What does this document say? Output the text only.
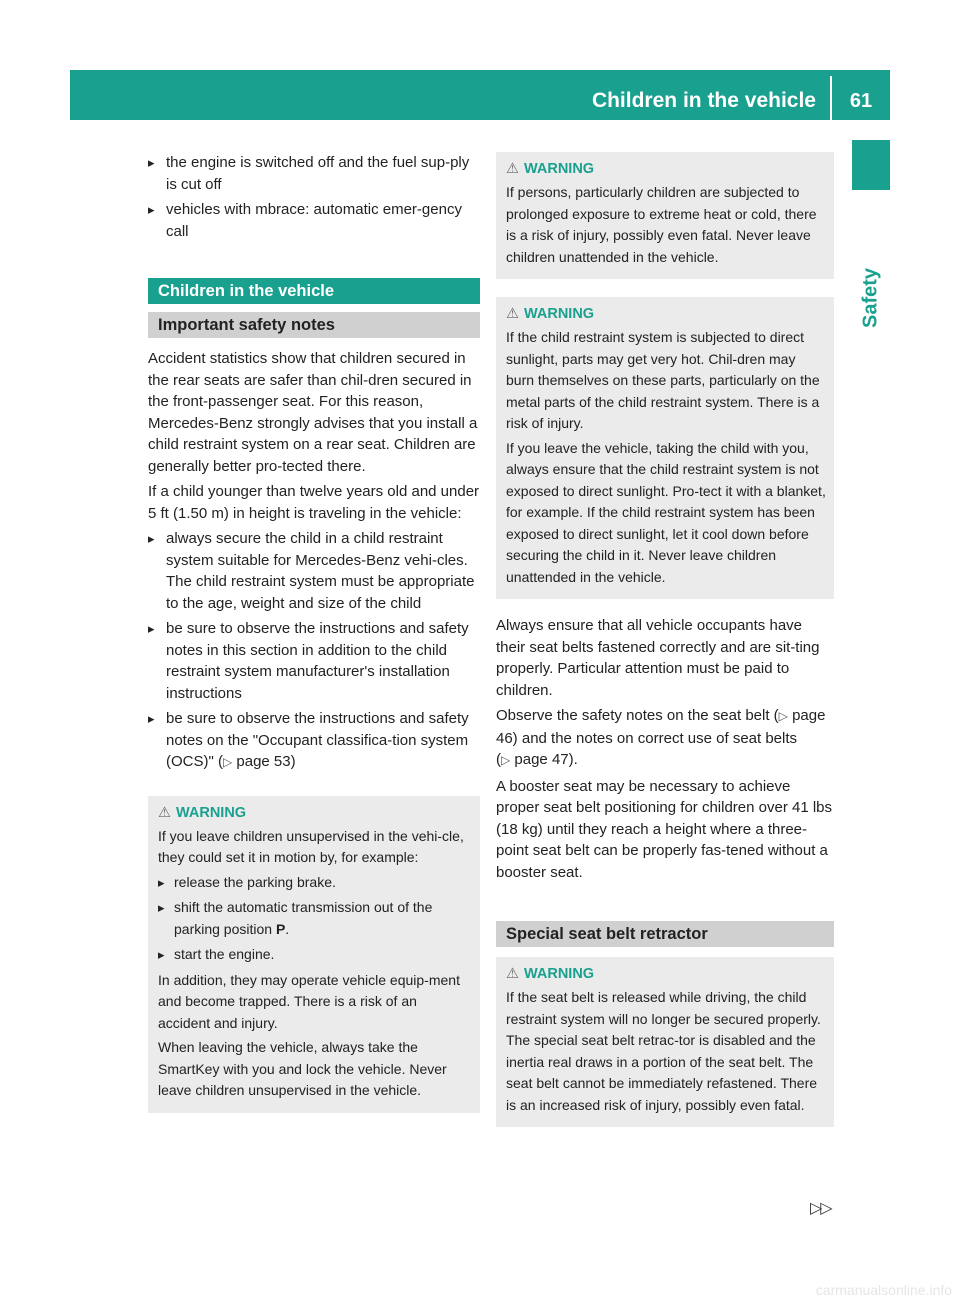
Children in the vehicle	61
Safety
▸ the engine is switched off and the fuel sup-ply is cut off
▸ vehicles with mbrace: automatic emer-gency call
Children in the vehicle
Important safety notes

Accident statistics show that children secured in the rear seats are safer than chil-dren secured in the front-passenger seat. For this reason, Mercedes-Benz strongly advises that you install a child restraint system on a rear seat. Children are generally better pro-tected there.

If a child younger than twelve years old and under 5 ft (1.50 m) in height is traveling in the vehicle:

▸ always secure the child in a child restraint system suitable for Mercedes-Benz vehi-cles. The child restraint system must be appropriate to the age, weight and size of the child
▸ be sure to observe the instructions and safety notes in this section in addition to the child restraint system manufacturer's installation instructions
▸ be sure to observe the instructions and safety notes on the "Occupant classifica-tion system (OCS)" (▷ page 53)
⚠ WARNING

If you leave children unsupervised in the vehi-cle, they could set it in motion by, for example:

▸ release the parking brake.
▸ shift the automatic transmission out of the parking position P.
▸ start the engine.

In addition, they may operate vehicle equip-ment and become trapped. There is a risk of an accident and injury.

When leaving the vehicle, always take the SmartKey with you and lock the vehicle. Never leave children unsupervised in the vehicle.

⚠ WARNING

If persons, particularly children are subjected to prolonged exposure to extreme heat or cold, there is a risk of injury, possibly even fatal. Never leave children unattended in the vehicle.

⚠ WARNING

If the child restraint system is subjected to direct sunlight, parts may get very hot. Chil-dren may burn themselves on these parts, particularly on the metal parts of the child restraint system. There is a risk of injury.

If you leave the vehicle, taking the child with you, always ensure that the child restraint system is not exposed to direct sunlight. Pro-tect it with a blanket, for example. If the child restraint system has been exposed to direct sunlight, let it cool down before securing the child in it. Never leave children unattended in the vehicle.

Always ensure that all vehicle occupants have their seat belts fastened correctly and are sit-ting properly. Particular attention must be paid to children.

Observe the safety notes on the seat belt (▷ page 46) and the notes on correct use of seat belts (▷ page 47).

A booster seat may be necessary to achieve proper seat belt positioning for children over 41 lbs (18 kg) until they reach a height where a three-point seat belt can be properly fas-tened without a booster seat.

Special seat belt retractor
⚠ WARNING

If the seat belt is released while driving, the child restraint system will no longer be secured properly. The special seat belt retrac-tor is disabled and the inertia real draws in a portion of the seat belt. The seat belt cannot be immediately refastened. There is an increased risk of injury, possibly even fatal.

▷▷
carmanualsonline.info
